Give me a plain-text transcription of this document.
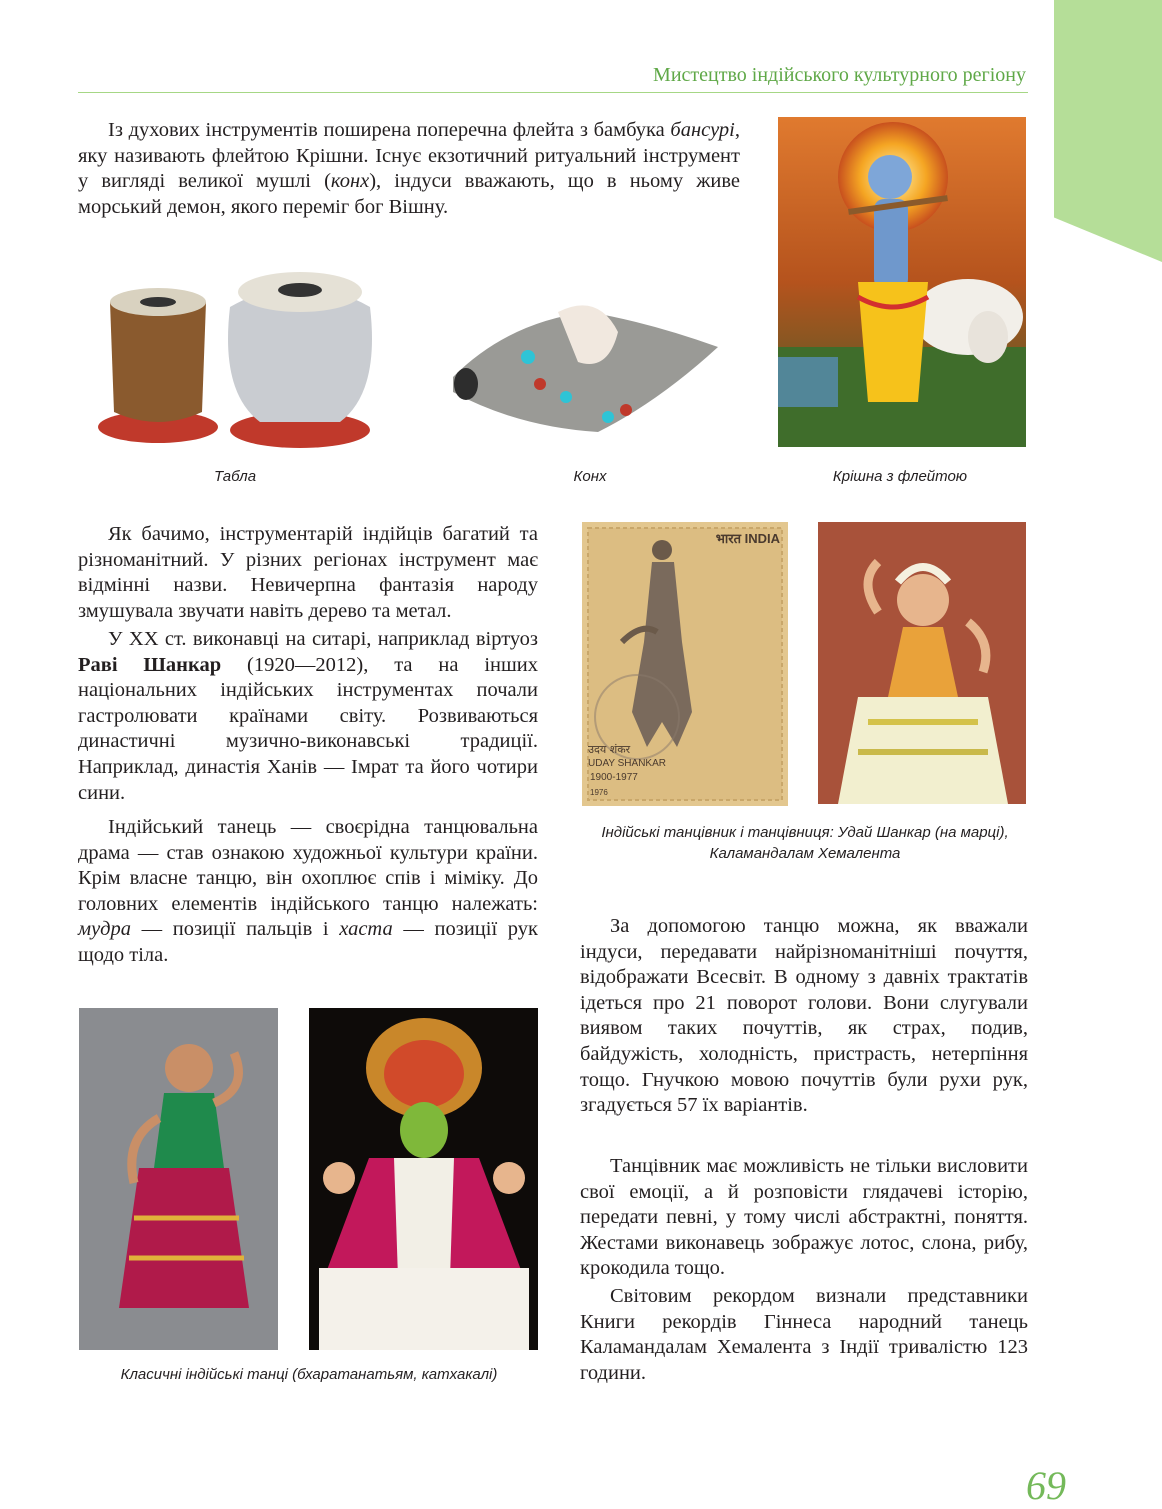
Мистецтво індійського культурного регіону

Із духових інструментів поширена поперечна флейта з бамбука бансурі, яку називають флейтою Крішни. Існує екзотичний ритуальний інструмент у вигляді великої мушлі (конх), індуси вважають, що в ньому живе морський демон, якого переміг бог Вішну.

Табла	Конх	Крішна з флейтою

Як бачимо, інструментарій індійців багатий та різноманітний. У різних регіонах інструмент має відмінні назви. Невичерпна фантазія народу змушувала звучати навіть дерево та метал.

У ХХ ст. виконавці на ситарі, наприклад віртуоз Раві Шанкар (1920—2012), та на інших національних індійських інструментах почали гастролювати країнами світу. Розвиваються династичні музично-виконавські традиції. Наприклад, династія Ханів — Імрат та його чотири сини.

Індійський танець — своєрідна танцювальна драма — став ознакою художньої культури країни. Крім власне танцю, він охоплює спів і міміку. До головних елементів індійського танцю належать: мудра — позиції пальців і хаста — позиції рук щодо тіла.

भारत INDIA
उदय शंकर
UDAY SHANKAR
1900-1977
1976
Індійські танцівник і танцівниця: Удай Шанкар (на марці),
Каламандалам Хемалента

За допомогою танцю можна, як вважали індуси, передавати найрізноманітніші почуття, відображати Всесвіт. В одному з давніх трактатів ідеться про 21 поворот голови. Вони слугували виявом таких почуттів, як страх, подив, байдужість, холодність, пристрасть, нетерпіння тощо. Гнучкою мовою почуттів були рухи рук, згадується 57 їх варіантів.

Танцівник має можливість не тільки висловити свої емоції, а й розповісти глядачеві історію, передати певні, у тому числі абстрактні, поняття. Жестами виконавець зображує лотос, слона, рибу, крокодила тощо.

Світовим рекордом визнали представники Книги рекордів Гіннеса народний танець Каламандалам Хемалента з Індії тривалістю 123 години.

Класичні індійські танці (бхаратанатьям, катхакалі)
69
